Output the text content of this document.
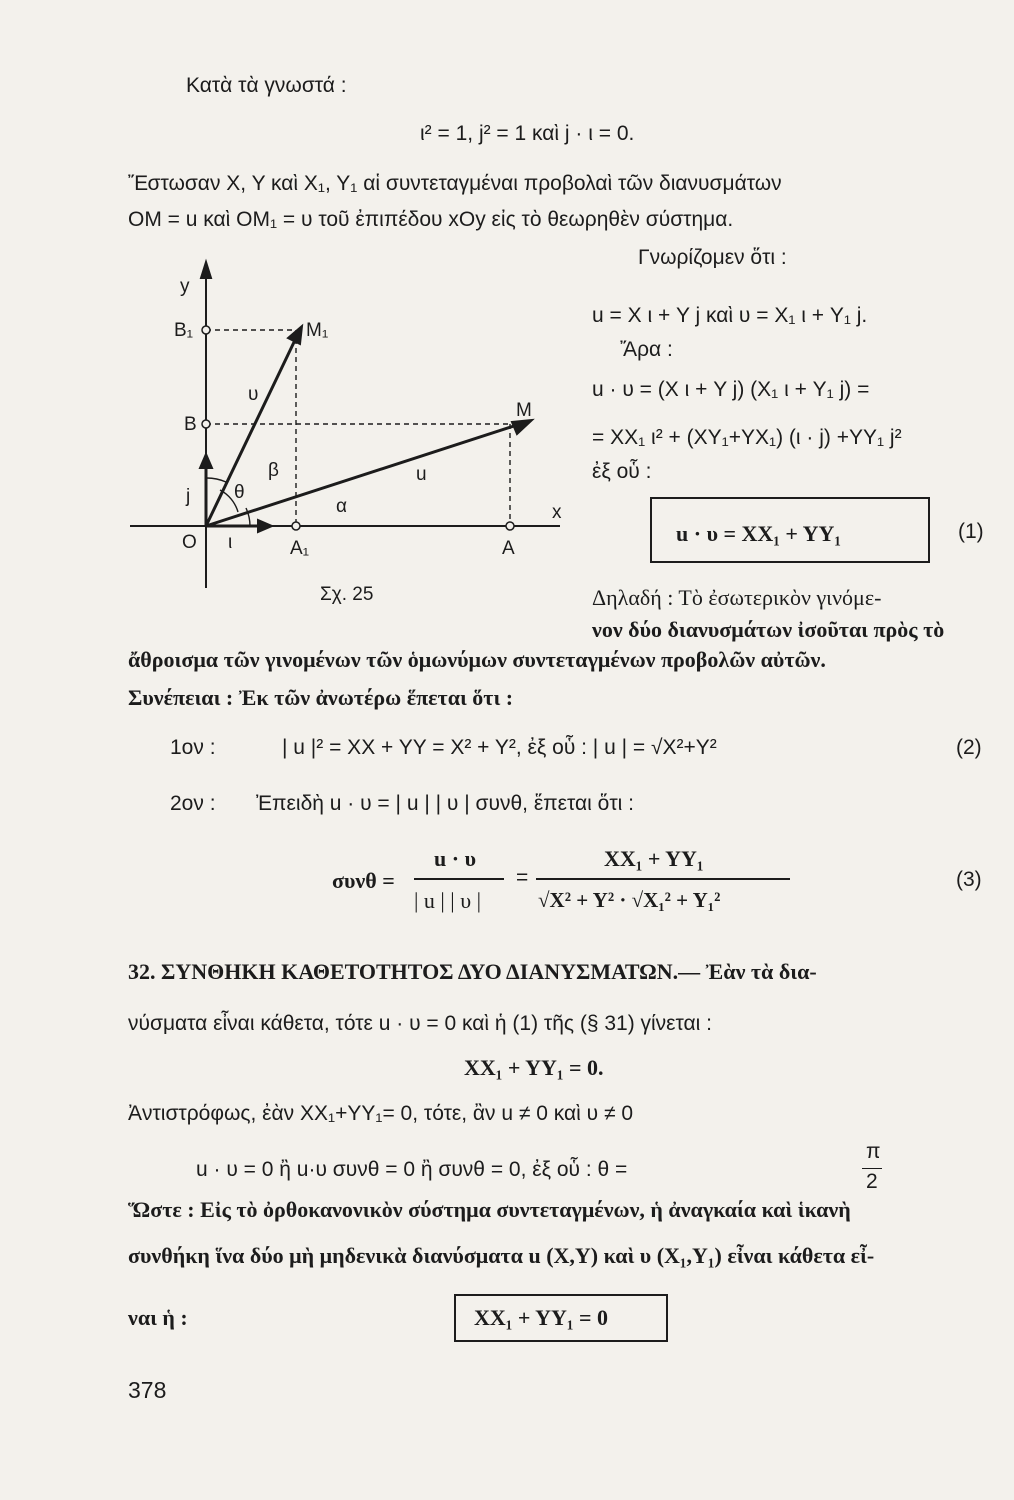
Κατὰ τὰ γνωστά :
ι² = 1, j² = 1 καὶ j · ι = 0.
Ἔστωσαν X, Y καὶ X₁, Y₁ αἱ συντεταγμέναι προβολαὶ τῶν διανυσμάτων
OM = u καὶ OM₁ = υ τοῦ ἐπιπέδου xOy εἰς τὸ θεωρηθὲν σύστημα.
Γνωρίζομεν ὅτι :
u = X ι + Y j καὶ υ = X₁ ι + Y₁ j.
Ἄρα :
u · υ = (X ι + Y j) (X₁ ι + Y₁ j) =
= XX₁ ι² + (XY₁+YX₁) (ι · j) +YY₁ j²
ἐξ οὗ :
u · υ = XX₁ + YY₁	(1)
Δηλαδή : Τὸ ἐσωτερικὸν γινόμε-
νον δύο διανυσμάτων ἰσοῦται πρὸς τὸ
ἄθροισμα τῶν γινομένων τῶν ὁμωνύμων συντεταγμένων προβολῶν αὐτῶν.
y
x
O
B₁
B
M₁
M
A₁	A
υ
u
ι
j
β
θ
α
Σχ. 25
Συνέπειαι : Ἐκ τῶν ἀνωτέρω ἕπεται ὅτι :
1ον :	| u |² = XX + YY = X² + Y², ἐξ οὗ : | u | = √X²+Y²	(2)
2ον : Ἐπειδὴ u · υ = | u | | υ | συνθ, ἕπεται ὅτι :
συνθ =
u · υ
| u | | υ |
=
XX₁ + YY₁
√X² + Y² · √X₁² + Y₁²
(3)
32. ΣΥΝΘΗΚΗ ΚΑΘΕΤΟΤΗΤΟΣ ΔΥΟ ΔΙΑΝΥΣΜΑΤΩΝ.— Ἐὰν τὰ δια-
νύσματα εἶναι κάθετα, τότε u · υ = 0 καὶ ἡ (1) τῆς (§ 31) γίνεται :
XX₁ + YY₁ = 0.
Ἀντιστρόφως, ἐὰν XX₁+YY₁= 0, τότε, ἂν u ≠ 0 καὶ υ ≠ 0
u · υ = 0 ἢ u·υ συνθ = 0 ἢ συνθ = 0, ἐξ οὗ : θ =
π
2
Ὥστε : Εἰς τὸ ὀρθοκανονικὸν σύστημα συντεταγμένων, ἡ ἀναγκαία καὶ ἱκανὴ
συνθήκη ἵνα δύο μὴ μηδενικὰ διανύσματα u (X,Y) καὶ υ (X₁,Y₁) εἶναι κάθετα εἶ-
ναι ἡ :	XX₁ + YY₁ = 0
378
